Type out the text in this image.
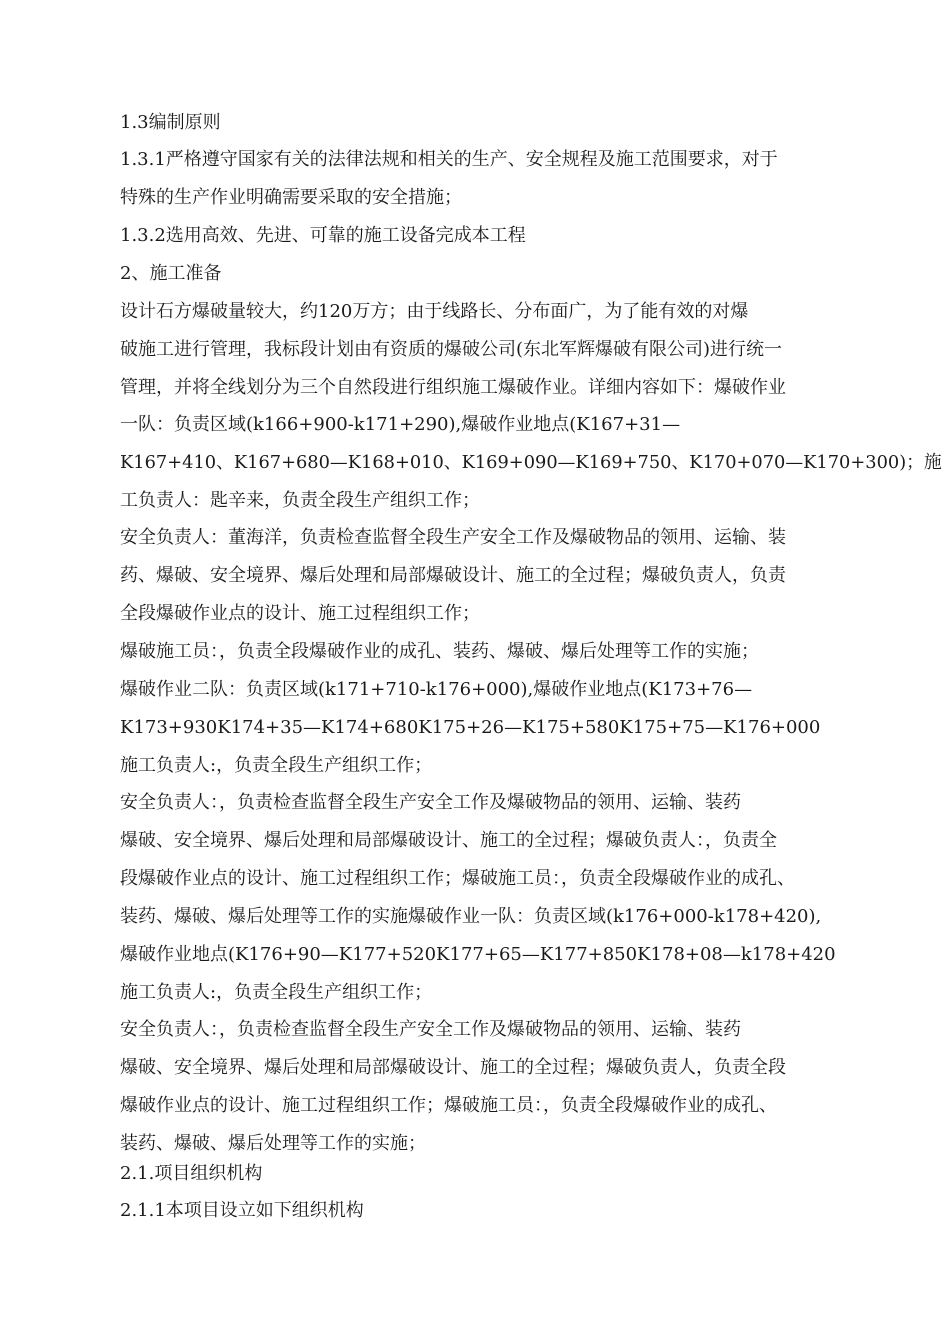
1.3编制原则

1.3.1严格遵守国家有关的法律法规和相关的生产、安全规程及施工范围要求，对于

特殊的生产作业明确需要采取的安全措施；

1.3.2选用高效、先进、可靠的施工设备完成本工程

2、施工准备

设计石方爆破量较大，约120万方；由于线路长、分布面广，为了能有效的对爆

破施工进行管理，我标段计划由有资质的爆破公司(东北军辉爆破有限公司)进行统一

管理，并将全线划分为三个自然段进行组织施工爆破作业。详细内容如下：爆破作业

一队：负责区域(k166+900-k171+290),爆破作业地点(K167+31—

K167+410、K167+680—K168+010、K169+090—K169+750、K170+070—K170+300)；施

工负责人：匙辛来，负责全段生产组织工作；

安全负责人：董海洋，负责检查监督全段生产安全工作及爆破物品的领用、运输、装

药、爆破、安全境界、爆后处理和局部爆破设计、施工的全过程；爆破负责人，负责

全段爆破作业点的设计、施工过程组织工作；

爆破施工员：，负责全段爆破作业的成孔、装药、爆破、爆后处理等工作的实施；

爆破作业二队：负责区域(k171+710-k176+000),爆破作业地点(K173+76—

K173+930K174+35—K174+680K175+26—K175+580K175+75—K176+000

施工负责人:，负责全段生产组织工作；

安全负责人：，负责检查监督全段生产安全工作及爆破物品的领用、运输、装药

爆破、安全境界、爆后处理和局部爆破设计、施工的全过程；爆破负责人：，负责全

段爆破作业点的设计、施工过程组织工作；爆破施工员：，负责全段爆破作业的成孔、

装药、爆破、爆后处理等工作的实施爆破作业一队：负责区域(k176+000-k178+420),

爆破作业地点(K176+90—K177+520K177+65—K177+850K178+08—k178+420

施工负责人:，负责全段生产组织工作；

安全负责人：，负责检查监督全段生产安全工作及爆破物品的领用、运输、装药

爆破、安全境界、爆后处理和局部爆破设计、施工的全过程；爆破负责人，负责全段

爆破作业点的设计、施工过程组织工作；爆破施工员：，负责全段爆破作业的成孔、

装药、爆破、爆后处理等工作的实施；

2.1.项目组织机构

2.1.1本项目设立如下组织机构
